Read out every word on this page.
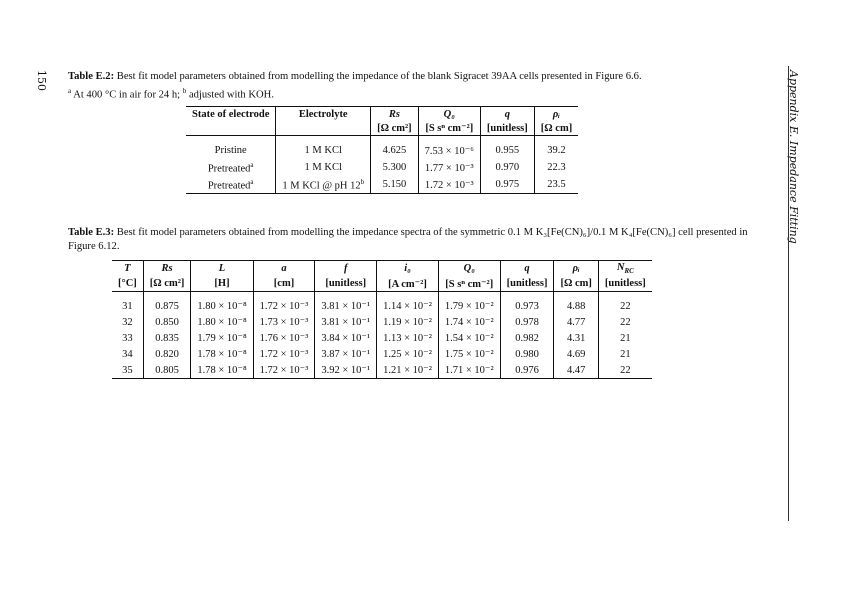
150	Appendix E. Impedance Fitting
Table E.2: Best fit model parameters obtained from modelling the impedance of the blank Sigracet 39AA cells presented in Figure 6.6.
$^a$ At 400 °C in air for 24 h; $^b$ adjusted with KOH.
State of electrode	Electrolyte	Rs	Q₀	q	ρᵢ
		[Ω cm²]	[S sⁿ cm⁻²]	[unitless]	[Ω cm]

Pristine	1 M KCl	4.625	7.53 × 10⁻⁶	0.955	39.2
Pretreated$^a$	1 M KCl	5.300	1.77 × 10⁻³	0.970	22.3
Pretreated$^a$	1 M KCl @ pH 12$^b$	5.150	1.72 × 10⁻³	0.975	23.5
Table E.3: Best fit model parameters obtained from modelling the impedance spectra of the symmetric 0.1 M K₃[Fe(CN)₆]/0.1 M K₄[Fe(CN)₆] cell presented in Figure 6.12.
T	Rs	L	a	f	i₀	Q₀	q	ρᵢ	$N_{RC}$
[°C]	[Ω cm²]	[H]	[cm]	[unitless]	[A cm⁻²]	[S sⁿ cm⁻²]	[unitless]	[Ω cm]	[unitless]

31	0.875	1.80 × 10⁻⁸	1.72 × 10⁻³	3.81 × 10⁻¹	1.14 × 10⁻²	1.79 × 10⁻²	0.973	4.88	22
32	0.850	1.80 × 10⁻⁸	1.73 × 10⁻³	3.81 × 10⁻¹	1.19 × 10⁻²	1.74 × 10⁻²	0.978	4.77	22
33	0.835	1.79 × 10⁻⁸	1.76 × 10⁻³	3.84 × 10⁻¹	1.13 × 10⁻²	1.54 × 10⁻²	0.982	4.31	21
34	0.820	1.78 × 10⁻⁸	1.72 × 10⁻³	3.87 × 10⁻¹	1.25 × 10⁻²	1.75 × 10⁻²	0.980	4.69	21
35	0.805	1.78 × 10⁻⁸	1.72 × 10⁻³	3.92 × 10⁻¹	1.21 × 10⁻²	1.71 × 10⁻²	0.976	4.47	22
